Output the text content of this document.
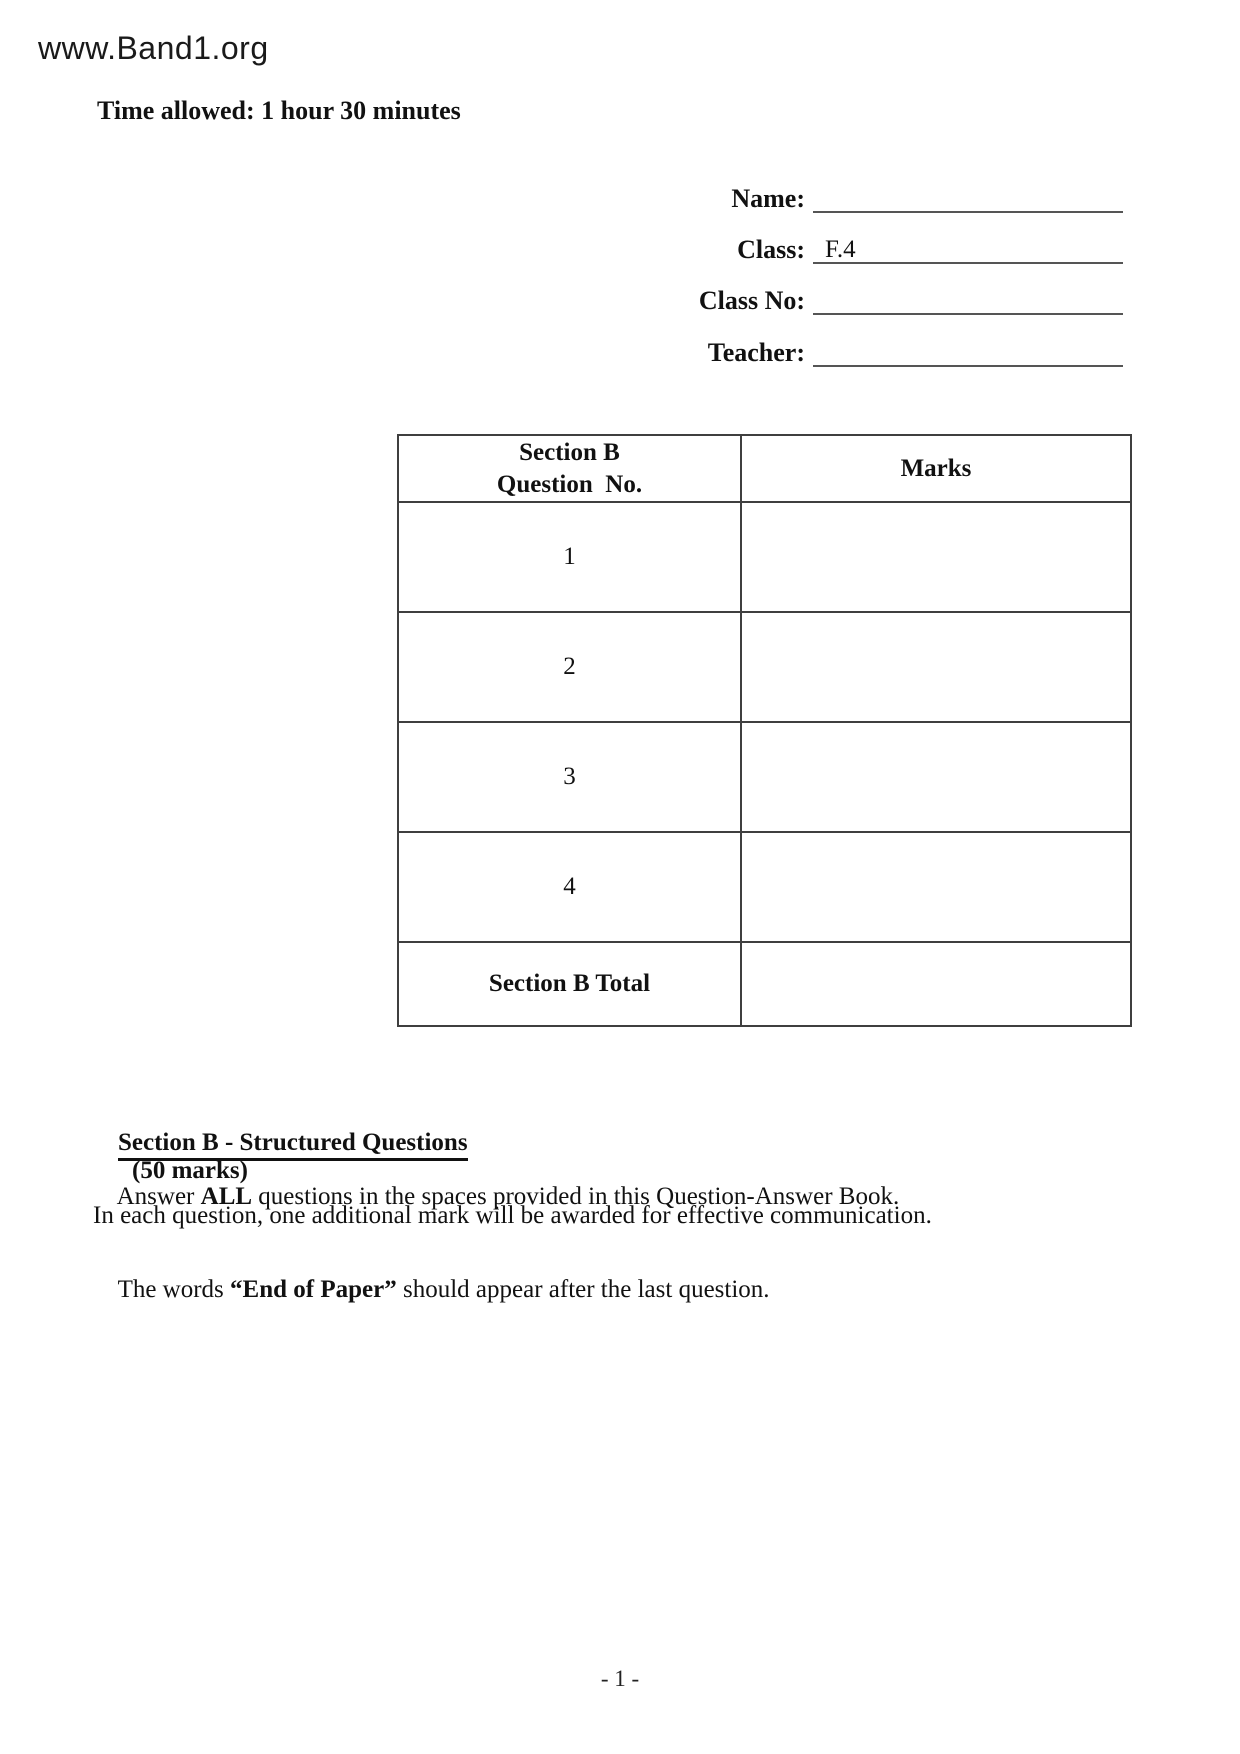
www.Band1.org
Time allowed: 1 hour 30 minutes
Name:
Class: F.4
Class No:
Teacher:
Section B
Question  No.	Marks
1	
2	
3	
4	
Section B Total	

Section B - Structured Questions
(50 marks)

Answer ALL questions in the spaces provided in this Question-Answer Book.

In each question, one additional mark will be awarded for effective communication.

The words “End of Paper” should appear after the last question.

- 1 -
